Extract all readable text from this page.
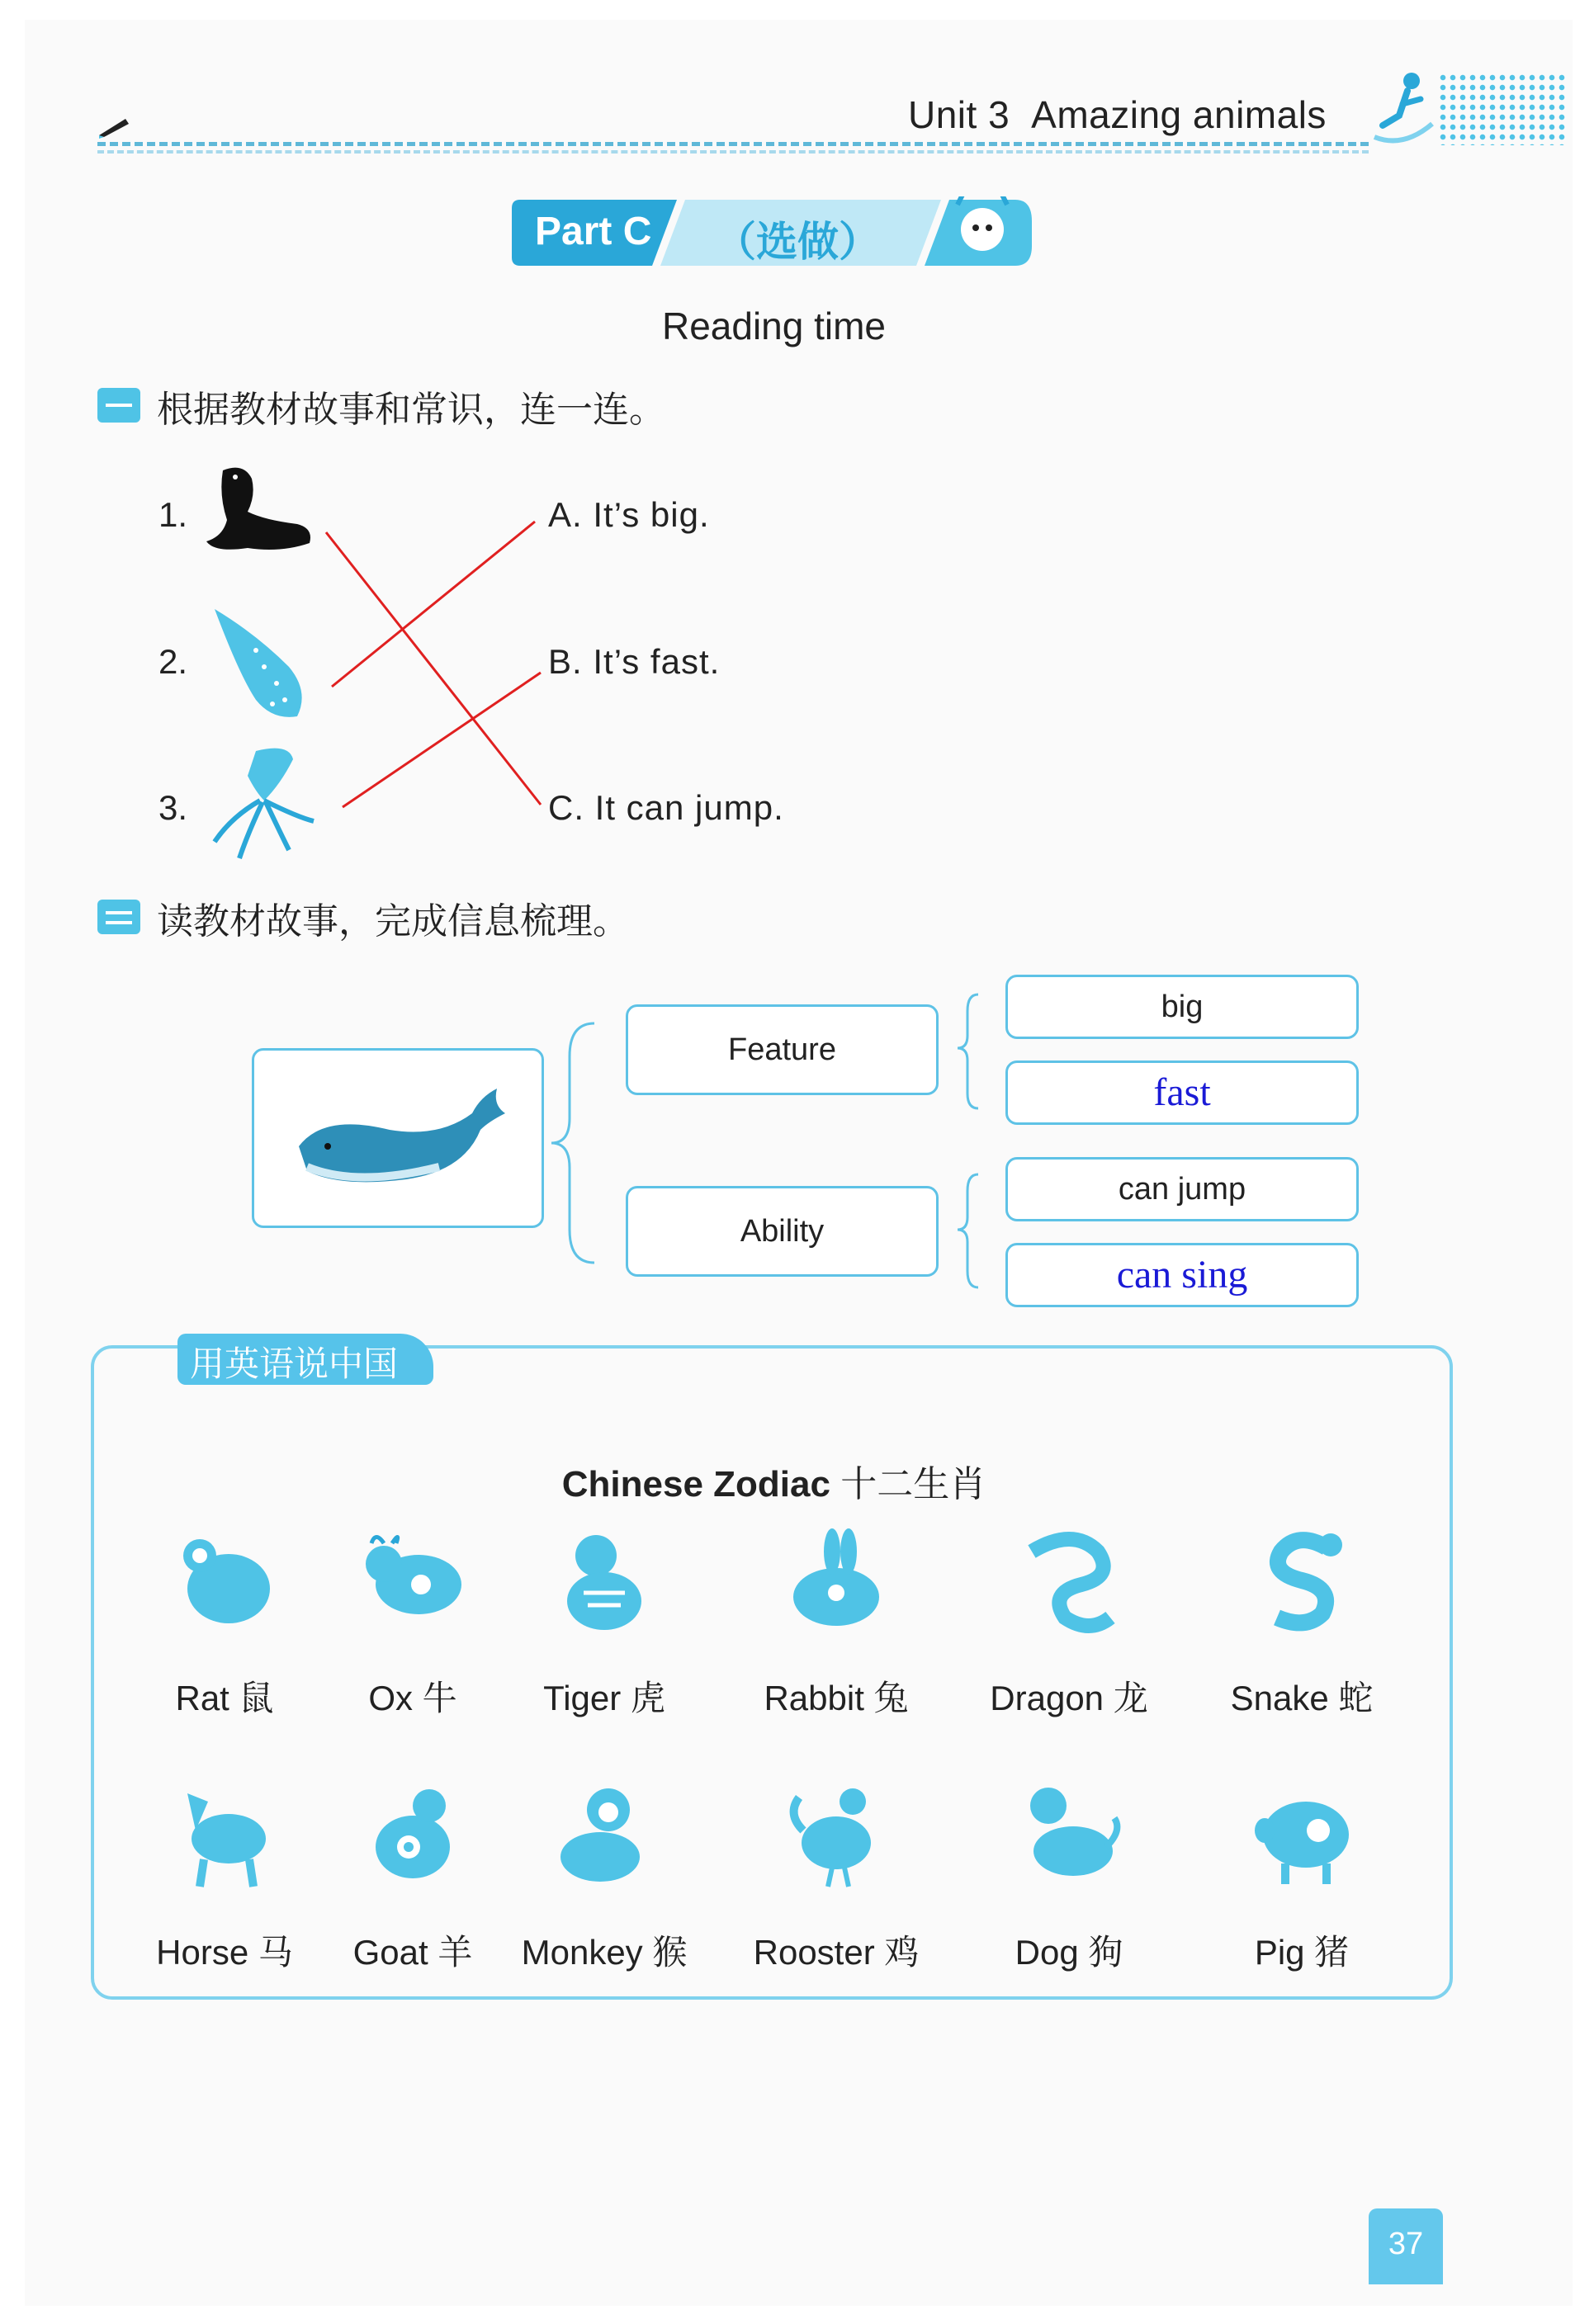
Unit 3 Amazing animals
Part C （选做）
Reading time
根据教材故事和常识，连一连。
1.
2.
3.
A. It’s big.
B. It’s fast.
C. It can jump.
读教材故事，完成信息梳理。
Feature
Ability
big
fast
can jump
can sing
用英语说中国
Chinese Zodiac 十二生肖
Rat 鼠	Ox 牛	Tiger 虎	Rabbit 兔	Dragon 龙	Snake 蛇
Horse 马	Goat 羊	Monkey 猴	Rooster 鸡	Dog 狗	Pig 猪
37
